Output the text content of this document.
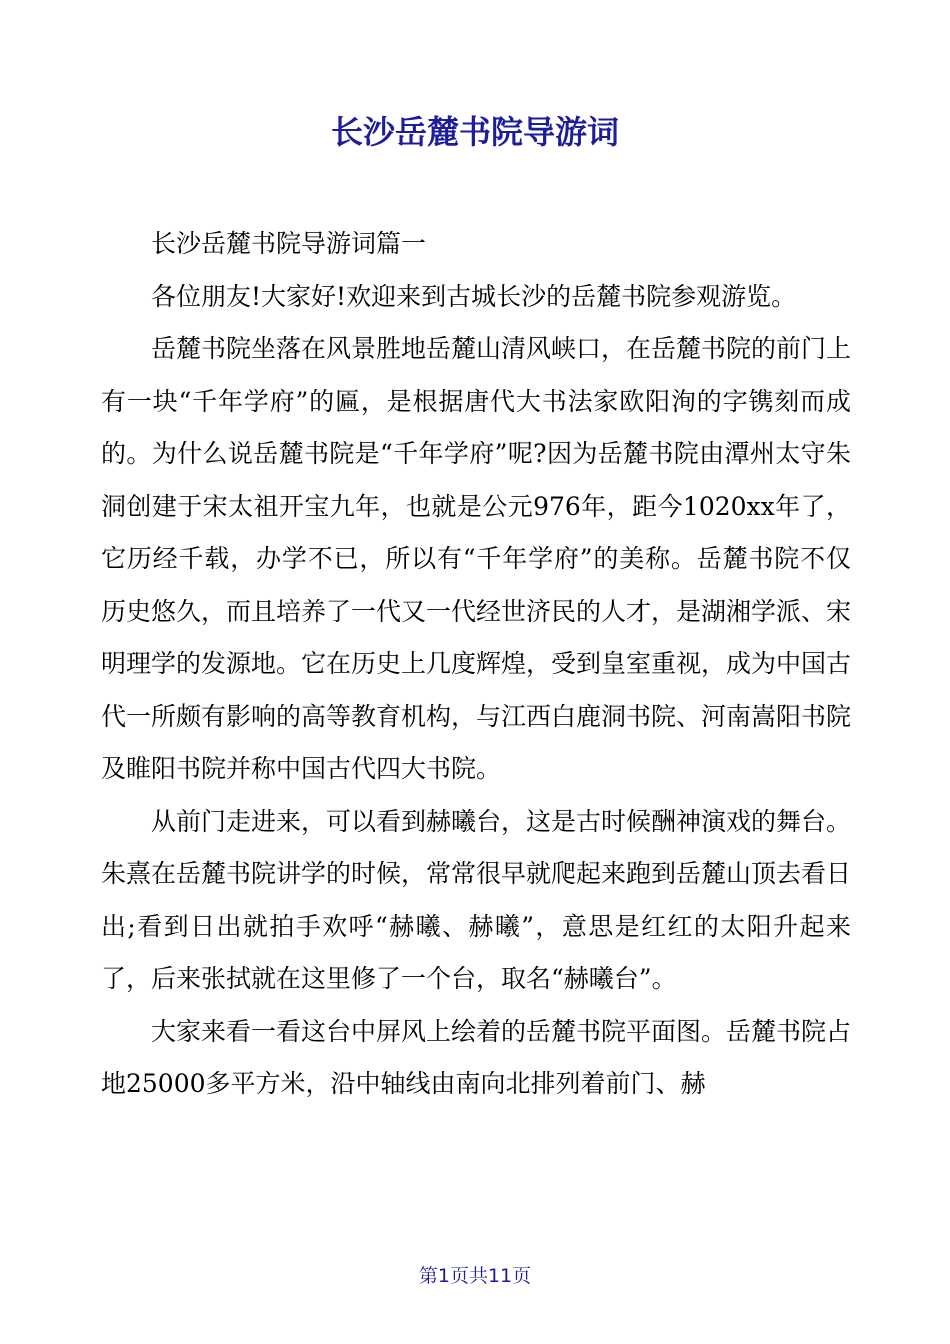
长沙岳麓书院导游词

长沙岳麓书院导游词篇一

各位朋友!大家好!欢迎来到古城长沙的岳麓书院参观游览。

岳麓书院坐落在风景胜地岳麓山清风峡口，在岳麓书院的前门上有一块“千年学府”的匾，是根据唐代大书法家欧阳洵的字镌刻而成的。为什么说岳麓书院是“千年学府”呢?因为岳麓书院由潭州太守朱洞创建于宋太祖开宝九年，也就是公元976年，距今1020xx年了，它历经千载，办学不已，所以有“千年学府”的美称。岳麓书院不仅历史悠久，而且培养了一代又一代经世济民的人才，是湖湘学派、宋明理学的发源地。它在历史上几度辉煌，受到皇室重视，成为中国古代一所颇有影响的高等教育机构，与江西白鹿洞书院、河南嵩阳书院及睢阳书院并称中国古代四大书院。

从前门走进来，可以看到赫曦台，这是古时候酬神演戏的舞台。朱熹在岳麓书院讲学的时候，常常很早就爬起来跑到岳麓山顶去看日出;看到日出就拍手欢呼“赫曦、赫曦”，意思是红红的太阳升起来了，后来张拭就在这里修了一个台，取名“赫曦台”。

大家来看一看这台中屏风上绘着的岳麓书院平面图。岳麓书院占地25000多平方米，沿中轴线由南向北排列着前门、赫

第1页共11页
